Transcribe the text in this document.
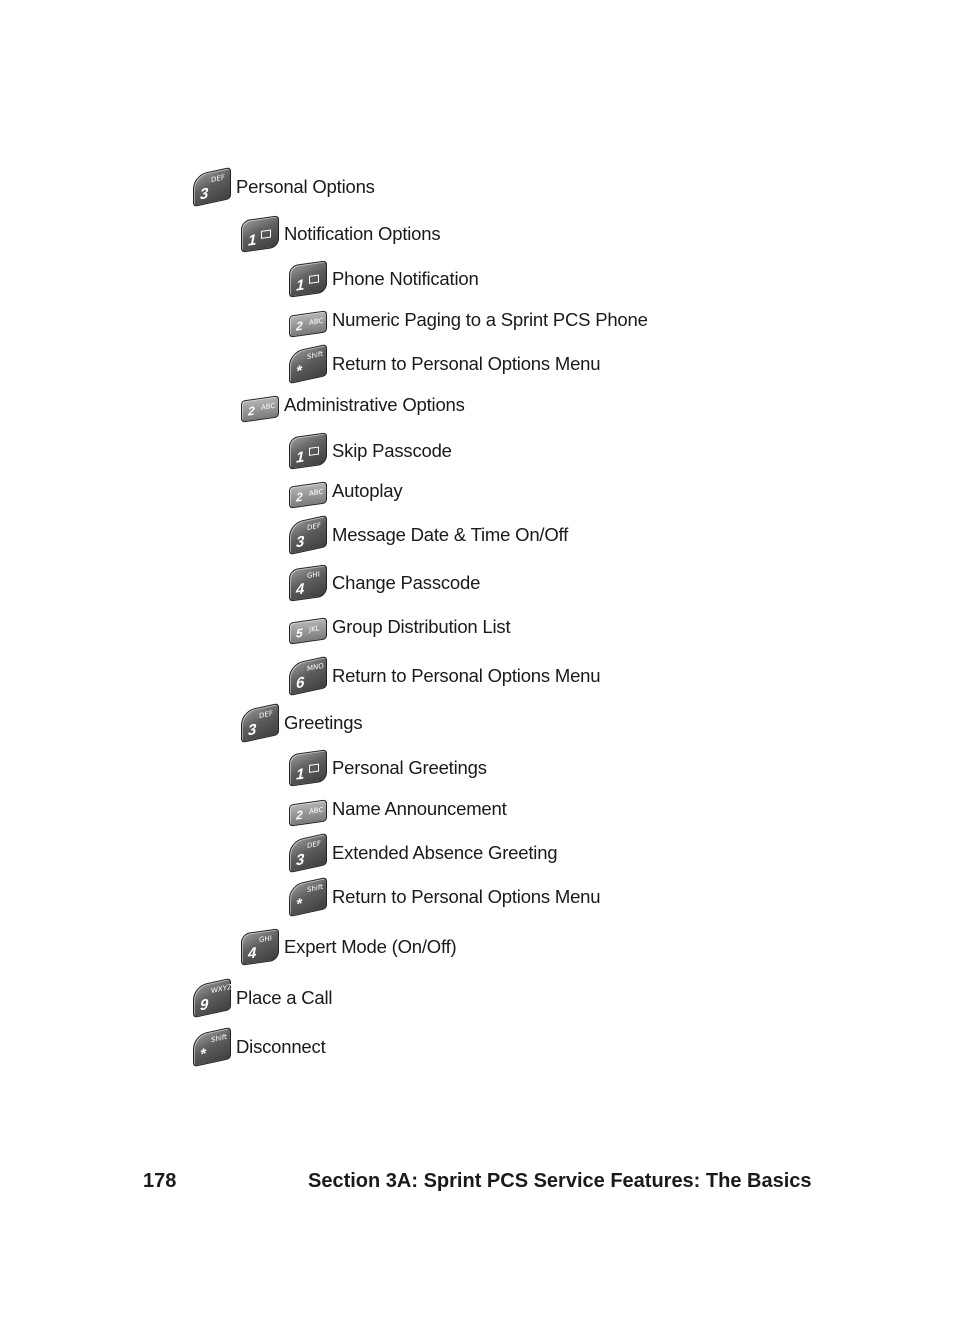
3
DEF Personal Options
1 Notification Options
1 Phone Notification
2 ABC Numeric Paging to a Sprint PCS Phone
*
Shift Return to Personal Options Menu
2 ABC Administrative Options
1 Skip Passcode
2 ABC Autoplay
3
DEF Message Date & Time On/Off
4
GHI Change Passcode
5 JKL Group Distribution List
6
MNO Return to Personal Options Menu
3
DEF Greetings
1 Personal Greetings
2 ABC Name Announcement
3
DEF Extended Absence Greeting
*
Shift Return to Personal Options Menu
4
GHI Expert Mode (On/Off)
9
WXYZ Place a Call
*
Shift Disconnect
178	Section 3A: Sprint PCS Service Features: The Basics
